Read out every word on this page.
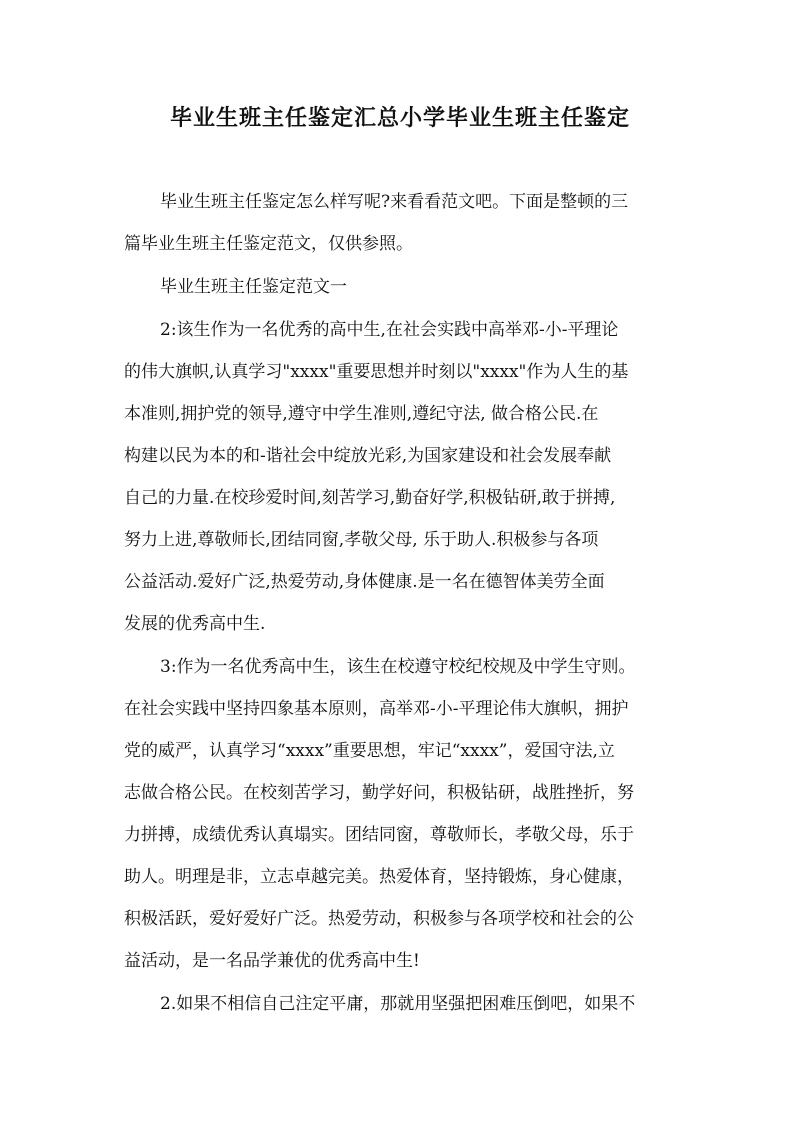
毕业生班主任鉴定汇总小学毕业生班主任鉴定
毕业生班主任鉴定怎么样写呢?来看看范文吧。下面是整顿的三
篇毕业生班主任鉴定范文，仅供参照。
毕业生班主任鉴定范文一
2:该生作为一名优秀的高中生,在社会实践中高举邓-小-平理论
的伟大旗帜,认真学习"xxxx"重要思想并时刻以"xxxx"作为人生的基
本准则,拥护党的领导,遵守中学生准则,遵纪守法, 做合格公民.在
构建以民为本的和-谐社会中绽放光彩,为国家建设和社会发展奉献
自己的力量.在校珍爱时间,刻苦学习,勤奋好学,积极钻研,敢于拼搏,
努力上进,尊敬师长,团结同窗,孝敬父母, 乐于助人.积极参与各项
公益活动.爱好广泛,热爱劳动,身体健康.是一名在德智体美劳全面
发展的优秀高中生.
3:作为一名优秀高中生，该生在校遵守校纪校规及中学生守则。
在社会实践中坚持四象基本原则，高举邓-小-平理论伟大旗帜，拥护
党的威严，认真学习“xxxx”重要思想，牢记“xxxx”，爱国守法,立
志做合格公民。在校刻苦学习，勤学好问，积极钻研，战胜挫折，努
力拼搏，成绩优秀认真塌实。团结同窗，尊敬师长，孝敬父母，乐于
助人。明理是非，立志卓越完美。热爱体育，坚持锻炼，身心健康，
积极活跃，爱好爱好广泛。热爱劳动，积极参与各项学校和社会的公
益活动，是一名品学兼优的优秀高中生!
2.如果不相信自己注定平庸，那就用坚强把困难压倒吧，如果不
